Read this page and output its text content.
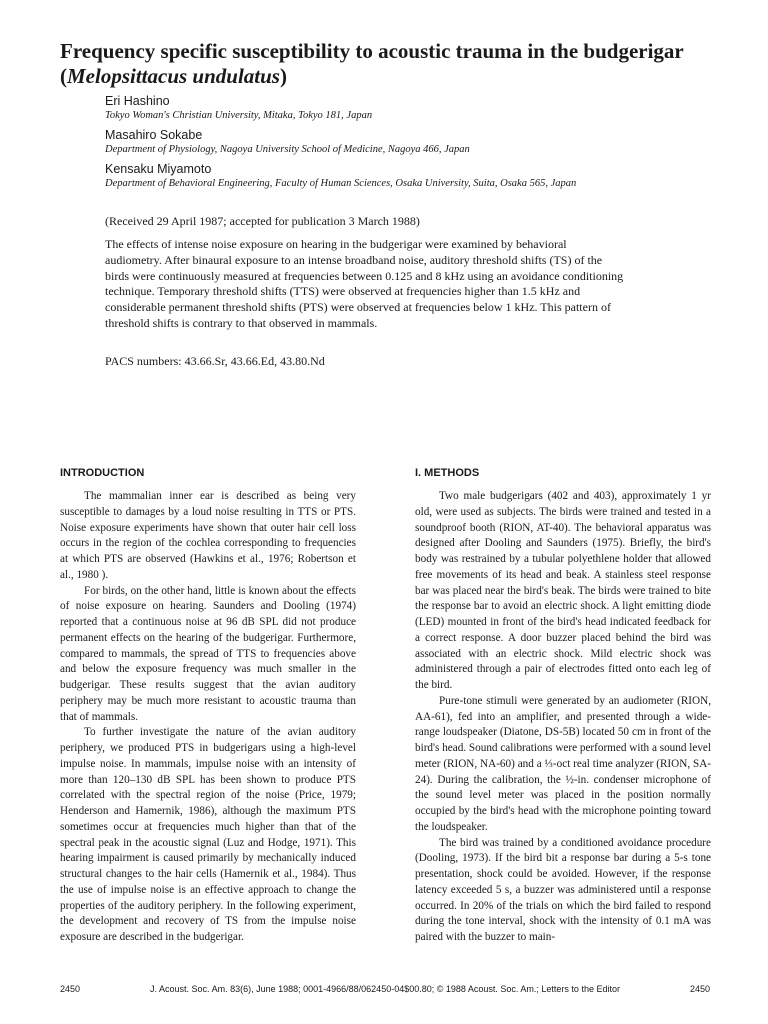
Frequency specific susceptibility to acoustic trauma in the budgerigar (Melopsittacus undulatus)
Eri Hashino
Tokyo Woman's Christian University, Mitaka, Tokyo 181, Japan
Masahiro Sokabe
Department of Physiology, Nagoya University School of Medicine, Nagoya 466, Japan
Kensaku Miyamoto
Department of Behavioral Engineering, Faculty of Human Sciences, Osaka University, Suita, Osaka 565, Japan
(Received 29 April 1987; accepted for publication 3 March 1988)

The effects of intense noise exposure on hearing in the budgerigar were examined by behavioral audiometry. After binaural exposure to an intense broadband noise, auditory threshold shifts (TS) of the birds were continuously measured at frequencies between 0.125 and 8 kHz using an avoidance conditioning technique. Temporary threshold shifts (TTS) were observed at frequencies higher than 1.5 kHz and considerable permanent threshold shifts (PTS) were observed at frequencies below 1 kHz. This pattern of threshold shifts is contrary to that observed in mammals.

PACS numbers: 43.66.Sr, 43.66.Ed, 43.80.Nd
INTRODUCTION

The mammalian inner ear is described as being very susceptible to damages by a loud noise resulting in TTS or PTS. Noise exposure experiments have shown that outer hair cell loss occurs in the region of the cochlea corresponding to frequencies at which PTS are observed (Hawkins et al., 1976; Robertson et al., 1980 ).

For birds, on the other hand, little is known about the effects of noise exposure on hearing. Saunders and Dooling (1974) reported that a continuous noise at 96 dB SPL did not produce permanent effects on the hearing of the budgerigar. Furthermore, compared to mammals, the spread of TTS to frequencies above and below the exposure frequency was much smaller in the budgerigar. These results suggest that the avian auditory periphery may be much more resistant to acoustic trauma than that of mammals.

To further investigate the nature of the avian auditory periphery, we produced PTS in budgerigars using a high-level impulse noise. In mammals, impulse noise with an intensity of more than 120–130 dB SPL has been shown to produce PTS correlated with the spectral region of the noise (Price, 1979; Henderson and Hamernik, 1986), although the maximum PTS sometimes occur at frequencies much higher than that of the spectral peak in the acoustic signal (Luz and Hodge, 1971). This hearing impairment is caused primarily by mechanically induced structural changes to the hair cells (Hamernik et al., 1984). Thus the use of impulse noise is an effective approach to change the properties of the auditory periphery. In the following experiment, the development and recovery of TS from the impulse noise exposure are described in the budgerigar.

I. METHODS

Two male budgerigars (402 and 403), approximately 1 yr old, were used as subjects. The birds were trained and tested in a soundproof booth (RION, AT-40). The behavioral apparatus was designed after Dooling and Saunders (1975). Briefly, the bird's body was restrained by a tubular polyethlene holder that allowed free movements of its head and beak. A stainless steel response bar was placed near the bird's beak. The birds were trained to bite the response bar to avoid an electric shock. A light emitting diode (LED) mounted in front of the bird's head indicated feedback for a correct response. A door buzzer placed behind the bird was associated with an electric shock. Mild electric shock was administered through a pair of electrodes fitted onto each leg of the bird.

Pure-tone stimuli were generated by an audiometer (RION, AA-61), fed into an amplifier, and presented through a wide-range loudspeaker (Diatone, DS-5B) located 50 cm in front of the bird's head. Sound calibrations were performed with a sound level meter (RION, NA-60) and a ⅓-oct real time analyzer (RION, SA-24). During the calibration, the ½-in. condenser microphone of the sound level meter was placed in the position normally occupied by the bird's head with the microphone pointing toward the loudspeaker.

The bird was trained by a conditioned avoidance procedure (Dooling, 1973). If the bird bit a response bar during a 5-s tone presentation, shock could be avoided. However, if the response latency exceeded 5 s, a buzzer was administered until a response occurred. In 20% of the trials on which the bird failed to respond during the tone interval, shock with the intensity of 0.1 mA was paired with the buzzer to main-

2450	J. Acoust. Soc. Am. 83(6), June 1988; 0001-4966/88/062450-04$00.80; © 1988 Acoust. Soc. Am.; Letters to the Editor	2450
